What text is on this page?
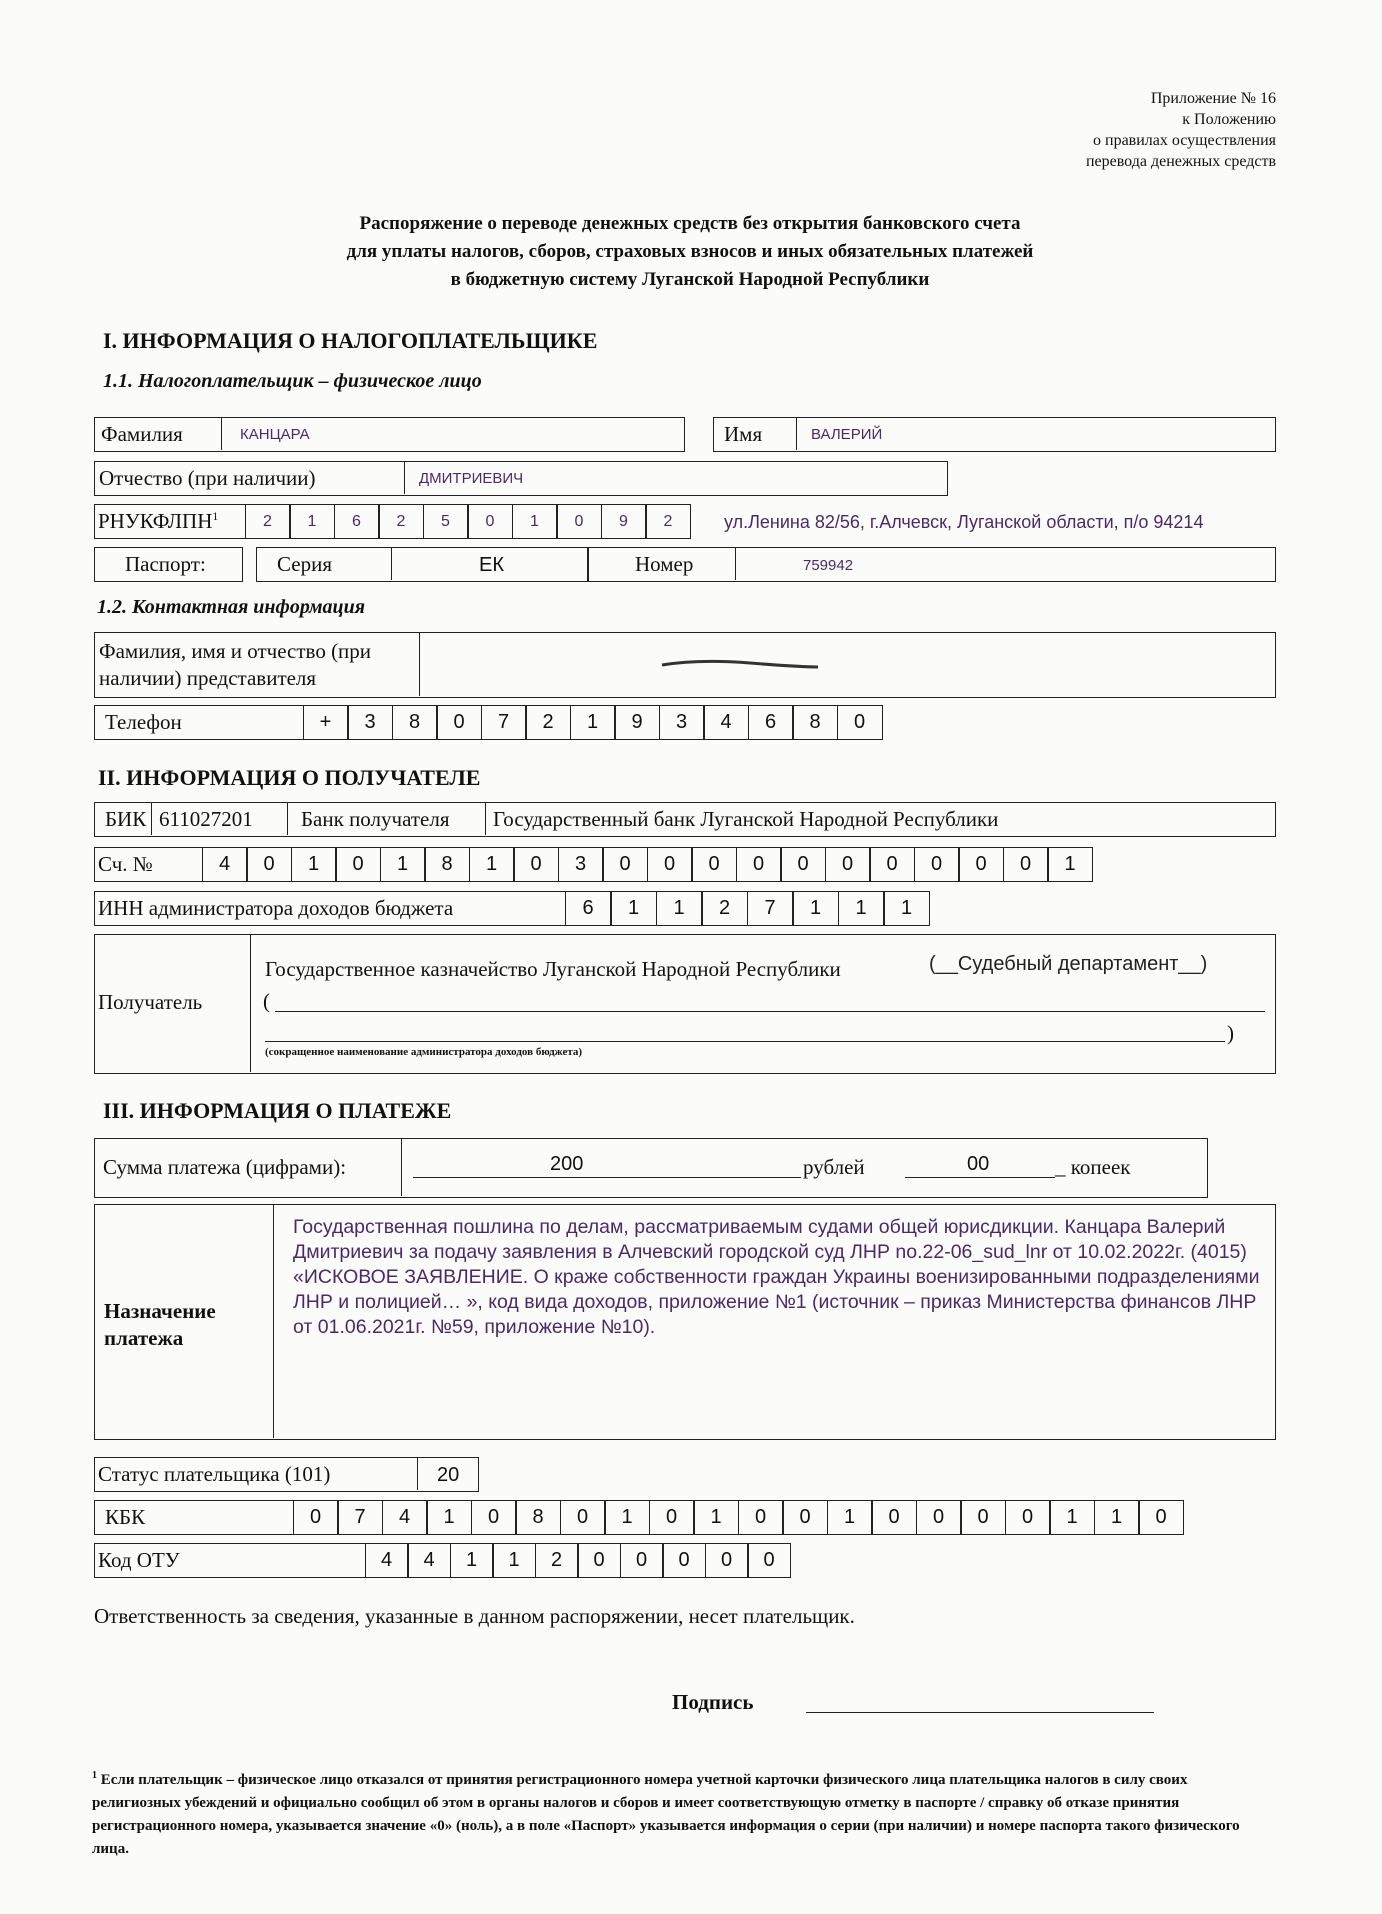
Приложение № 16
к Положению
о правилах осуществления
перевода денежных средств
Распоряжение о переводе денежных средств без открытия банковского счета
для уплаты налогов, сборов, страховых взносов и иных обязательных платежей
в бюджетную систему Луганской Народной Республики
I. ИНФОРМАЦИЯ О НАЛОГОПЛАТЕЛЬЩИКЕ
1.1. Налогоплательщик – физическое лицо
Фамилия	КАНЦАРА	Имя	ВАЛЕРИЙ
Отчество (при наличии)	ДМИТРИЕВИЧ
РНУКФЛПН$^1$	2	1	6	2	5	0	1	0	9	2	ул.Ленина 82/56, г.Алчевск, Луганской области, п/о 94214
Паспорт:	Серия	ЕК	Номер	759942
1.2. Контактная информация
Фамилия, имя и отчество (при
наличии) представителя
Телефон	+	3	8	0	7	2	1	9	3	4	6	8	0
II. ИНФОРМАЦИЯ О ПОЛУЧАТЕЛЕ
БИК 611027201 Банк получателя Государственный банк Луганской Народной Республики
Сч. №	4	0	1	0	1	8	1	0	3	0	0	0	0	0	0	0	0	0	0	1
ИНН администратора доходов бюджета	6	1	1	2	7	1	1	1
Получатель
Государственное казначейство Луганской Народной Республики	(__Судебный департамент__)
(
)
(сокращенное наименование администратора доходов бюджета)
III. ИНФОРМАЦИЯ О ПЛАТЕЖЕ
Сумма платежа (цифрами):	200	рублей	00	_ копеек
Назначение
платежа
Государственная пошлина по делам, рассматриваемым судами общей юрисдикции. Канцара Валерий Дмитриевич за подачу заявления в Алчевский городской суд ЛНР no.22-06_sud_lnr от 10.02.2022г. (4015) «ИСКОВОЕ ЗАЯВЛЕНИЕ. О краже собственности граждан Украины военизированными подразделениями ЛНР и полицией… », код вида доходов, приложение №1 (источник – приказ Министерства финансов ЛНР от 01.06.2021г. №59, приложение №10).
Статус плательщика (101)	20
КБК	0	7	4	1	0	8	0	1	0	1	0	0	1	0	0	0	0	1	1	0
Код ОТУ	4	4	1	1	2	0	0	0	0	0
Ответственность за сведения, указанные в данном распоряжении, несет плательщик.
Подпись
$^1$ Если плательщик – физическое лицо отказался от принятия регистрационного номера учетной карточки физического лица плательщика налогов в силу своих религиозных убеждений и официально сообщил об этом в органы налогов и сборов и имеет соответствующую отметку в паспорте / справку об отказе принятия регистрационного номера, указывается значение «0» (ноль), а в поле «Паспорт» указывается информация о серии (при наличии) и номере паспорта такого физического лица.
